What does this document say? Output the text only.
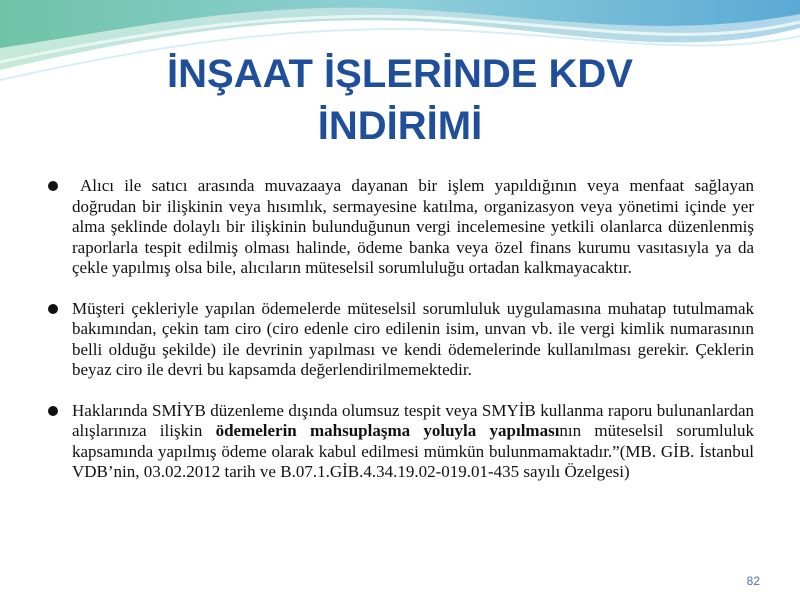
İNŞAAT İŞLERİNDE KDV
İNDİRİMİ

Alıcı ile satıcı arasında muvazaaya dayanan bir işlem yapıldığının veya menfaat sağlayan doğrudan bir ilişkinin veya hısımlık, sermayesine katılma, organizasyon veya yönetimi içinde yer alma şeklinde dolaylı bir ilişkinin bulunduğunun vergi incelemesine yetkili olanlarca düzenlenmiş raporlarla tespit edilmiş olması halinde, ödeme banka veya özel finans kurumu vasıtasıyla ya da çekle yapılmış olsa bile, alıcıların müteselsil sorumluluğu ortadan kalkmayacaktır.

Müşteri çekleriyle yapılan ödemelerde müteselsil sorumluluk uygulamasına muhatap tutulmamak bakımından, çekin tam ciro (ciro edenle ciro edilenin isim, unvan vb. ile vergi kimlik numarasının belli olduğu şekilde) ile devrinin yapılması ve kendi ödemelerinde kullanılması gerekir. Çeklerin beyaz ciro ile devri bu kapsamda değerlendirilmemektedir.

Haklarında SMİYB düzenleme dışında olumsuz tespit veya SMYİB kullanma raporu bulunanlardan alışlarınıza ilişkin ödemelerin mahsuplaşma yoluyla yapılmasının müteselsil sorumluluk kapsamında yapılmış ödeme olarak kabul edilmesi mümkün bulunmamaktadır.”(MB. GİB. İstanbul VDB’nin, 03.02.2012 tarih ve B.07.1.GİB.4.34.19.02-019.01-435 sayılı Özelgesi)

82
